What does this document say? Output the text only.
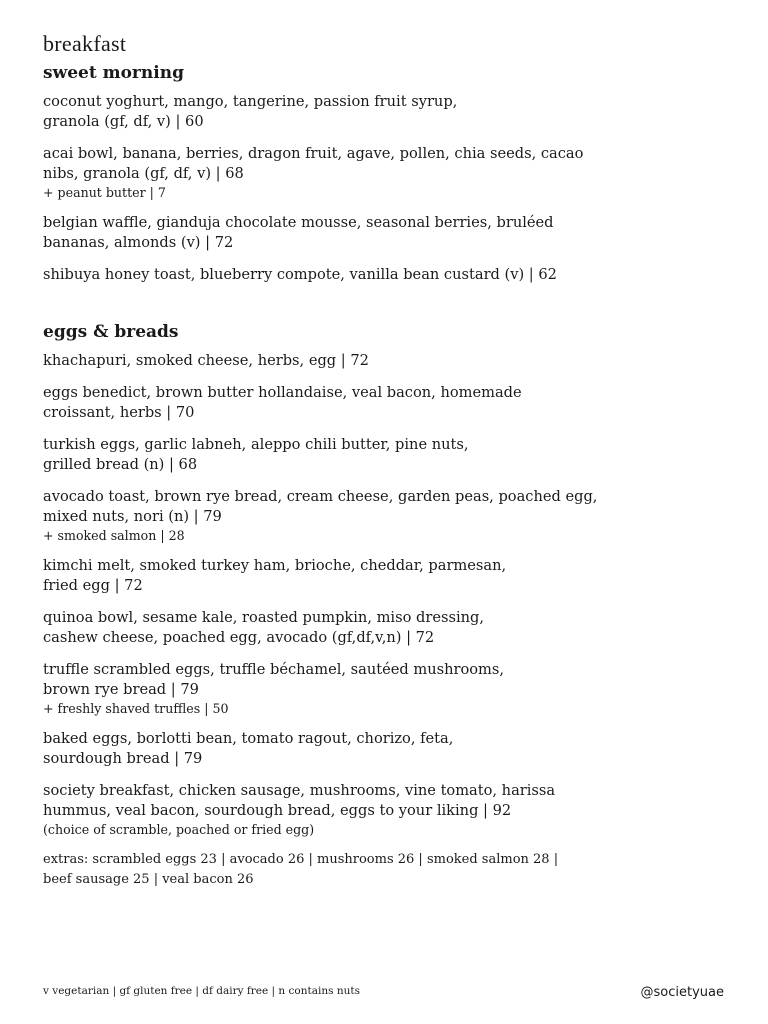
breakfast
sweet morning
coconut yoghurt, mango, tangerine, passion fruit syrup,
granola (gf, df, v) | 60
acai bowl, banana, berries, dragon fruit, agave, pollen, chia seeds, cacao
nibs, granola (gf, df, v) | 68
+ peanut butter | 7
belgian waffle, gianduja chocolate mousse, seasonal berries, bruléed
bananas, almonds (v) | 72
shibuya honey toast, blueberry compote, vanilla bean custard (v) | 62
eggs & breads
khachapuri, smoked cheese, herbs, egg | 72
eggs benedict, brown butter hollandaise, veal bacon, homemade
croissant, herbs | 70
turkish eggs, garlic labneh, aleppo chili butter, pine nuts,
grilled bread (n) | 68
avocado toast, brown rye bread, cream cheese, garden peas, poached egg,
mixed nuts, nori (n) | 79
+ smoked salmon | 28
kimchi melt, smoked turkey ham, brioche, cheddar, parmesan,
fried egg | 72
quinoa bowl, sesame kale, roasted pumpkin, miso dressing,
cashew cheese, poached egg, avocado (gf,df,v,n) | 72
truffle scrambled eggs, truffle béchamel, sautéed mushrooms,
brown rye bread | 79
+ freshly shaved truffles | 50
baked eggs, borlotti bean, tomato ragout, chorizo, feta,
sourdough bread | 79
society breakfast, chicken sausage, mushrooms, vine tomato, harissa
hummus, veal bacon, sourdough bread, eggs to your liking | 92
(choice of scramble, poached or fried egg)
extras: scrambled eggs 23 | avocado 26 | mushrooms 26 | smoked salmon 28 |
beef sausage 25 | veal bacon 26
v vegetarian | gf gluten free | df dairy free | n contains nuts	@societyuae
